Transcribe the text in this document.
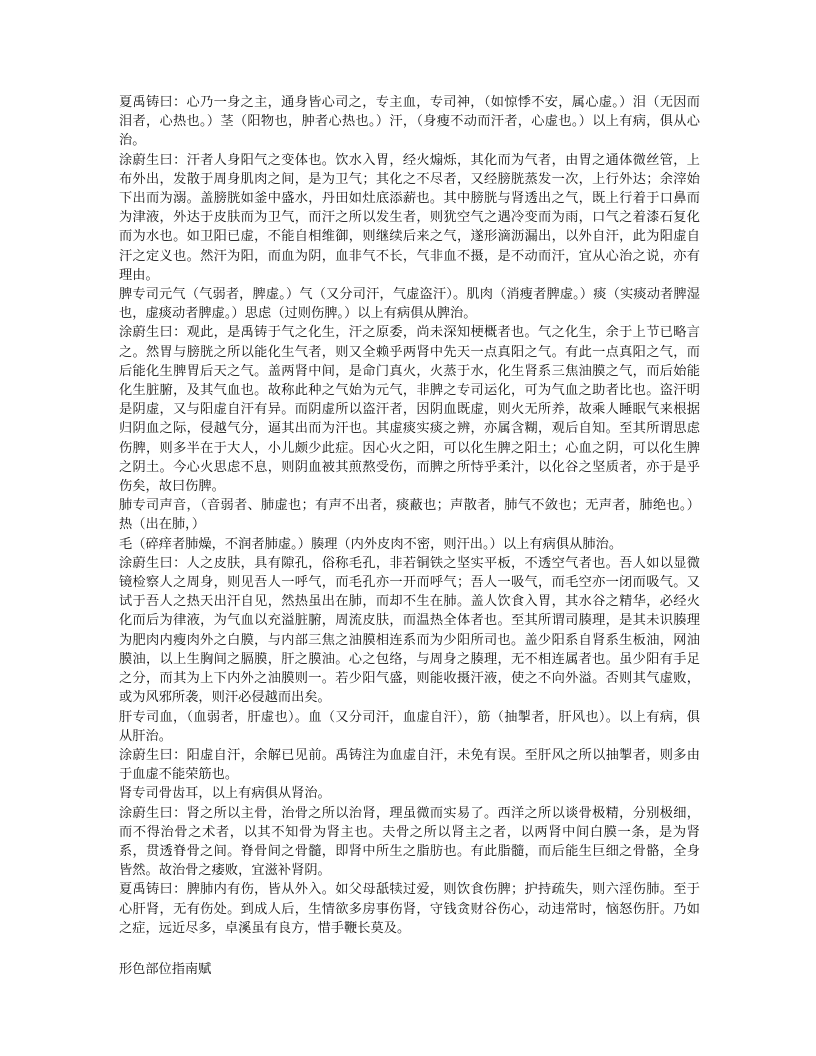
夏禹铸曰：心乃一身之主，通身皆心司之，专主血，专司神，（如惊悸不安，属心虚。）泪（无因而泪者，心热也。）茎（阳物也，肿者心热也。）汗，（身瘦不动而汗者，心虚也。）以上有病，俱从心治。

涂蔚生曰：汗者人身阳气之变体也。饮水入胃，经火煽烁，其化而为气者，由胃之通体微丝管，上布外出，发散于周身肌肉之间，是为卫气；其化之不尽者，又经膀胱蒸发一次，上行外达；余滓始下出而为溺。盖膀胱如釜中盛水，丹田如灶底添薪也。其中膀胱与肾透出之气，既上行着于口鼻而为津液，外达于皮肤而为卫气，而汗之所以发生者，则犹空气之遇冷变而为雨，口气之着漆石复化而为水也。如卫阳已虚，不能自相维御，则继续后来之气，遂形滴沥漏出，以外自汗，此为阳虚自汗之定义也。然汗为阳，而血为阴，血非气不长，气非血不摄，是不动而汗，宜从心治之说，亦有理由。

脾专司元气（气弱者，脾虚。）气（又分司汗，气虚盗汗）。肌肉（消瘦者脾虚。）痰（实痰动者脾湿也，虚痰动者脾虚。）思虑（过则伤脾。）以上有病俱从脾治。

涂蔚生曰：观此，是禹铸于气之化生，汗之原委，尚未深知梗概者也。气之化生，余于上节已略言之。然胃与膀胱之所以能化生气者，则又全赖乎两肾中先天一点真阳之气。有此一点真阳之气，而后能化生脾胃后天之气。盖两肾中间，是命门真火，火蒸于水，化生肾系三焦油膜之气，而后始能化生脏腑，及其气血也。故称此种之气始为元气，非脾之专司运化，可为气血之助者比也。盗汗明是阴虚，又与阳虚自汗有异。而阴虚所以盗汗者，因阴血既虚，则火无所养，故乘人睡眠气来根据归阴血之际，侵越气分，逼其出而为汗也。其虚痰实痰之辨，亦属含糊，观后自知。至其所谓思虑伤脾，则多半在于大人，小儿颇少此症。因心火之阳，可以化生脾之阳土；心血之阴，可以化生脾之阴土。今心火思虑不息，则阴血被其煎熬受伤，而脾之所恃乎柔汁，以化谷之坚质者，亦于是乎伤矣，故曰伤脾。

肺专司声音，（音弱者、肺虚也；有声不出者，痰蔽也；声散者，肺气不敛也；无声者，肺绝也。）热（出在肺，）

毛（碎痒者肺燥，不润者肺虚。）腠理（内外皮肉不密，则汗出。）以上有病俱从肺治。

涂蔚生曰：人之皮肤，具有隙孔，俗称毛孔，非若铜铁之坚实平板，不透空气者也。吾人如以显微镜检察人之周身，则见吾人一呼气，而毛孔亦一开而呼气；吾人一吸气，而毛空亦一闭而吸气。又试于吾人之热天出汗自见，然热虽出在肺，而却不生在肺。盖人饮食入胃，其水谷之精华，必经火化而后为律液，为气血以充溢脏腑，周流皮肤，而温热全体者也。至其所谓司腠理，是其未识腠理为肥肉内瘦肉外之白膜，与内部三焦之油膜相连系而为少阳所司也。盖少阳系自肾系生板油，网油膜油，以上生胸间之膈膜，肝之膜油。心之包络，与周身之腠理，无不相连属者也。虽少阳有手足之分，而其为上下内外之油膜则一。若少阳气盛，则能收摄汗液，使之不向外溢。否则其气虚败，或为风邪所袭，则汗必侵越而出矣。

肝专司血，（血弱者，肝虚也）。血（又分司汗，血虚自汗），筋（抽掣者，肝风也）。以上有病，俱从肝治。

涂蔚生曰：阳虚自汗，余解已见前。禹铸注为血虚自汗，未免有误。至肝风之所以抽掣者，则多由于血虚不能荣筋也。

肾专司骨齿耳，以上有病俱从肾治。

涂蔚生曰：肾之所以主骨，治骨之所以治肾，理虽微而实易了。西洋之所以谈骨极精，分别极细，而不得治骨之术者，以其不知骨为肾主也。夫骨之所以肾主之者，以两肾中间白膜一条，是为肾系，贯透脊骨之间。脊骨间之骨髓，即肾中所生之脂肪也。有此脂髓，而后能生巨细之骨骼，全身皆然。故治骨之痿败，宜滋补肾阴。

夏禹铸曰：脾肺内有伤，皆从外入。如父母舐犊过爱，则饮食伤脾；护持疏失，则六淫伤肺。至于心肝肾，无有伤处。到成人后，生情欲多房事伤肾，守钱贪财谷伤心，动违常时，恼怒伤肝。乃如之症，远近尽多，卓溪虽有良方，惜手鞭长莫及。

形色部位指南赋
